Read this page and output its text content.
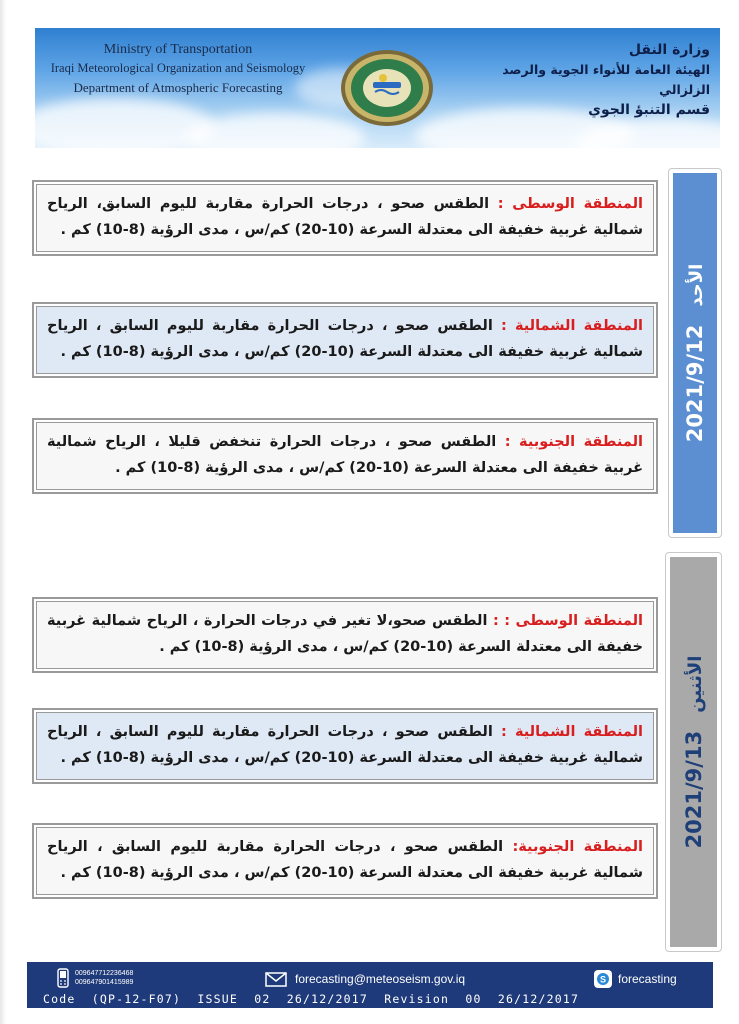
Ministry of Transportation
Iraqi Meteorological Organization and Seismology
Department of Atmospheric Forecasting
وزارة النقل
الهيئة العامة للأنواء الجوية والرصد الزلزالي
قسم التنبؤ الجوي
2021/9/12الأحد
المنطقة الوسطى : الطقس صحو ، درجات الحرارة مقاربة لليوم السابق، الرياح شمالية غربية خفيفة الى معتدلة السرعة (10-20) كم/س ، مدى الرؤية (8-10) كم .
المنطقة الشمالية : الطقس صحو ، درجات الحرارة مقاربة لليوم السابق ، الرياح شمالية غربية خفيفة الى معتدلة السرعة (10-20) كم/س ، مدى الرؤية (8-10) كم .
المنطقة الجنوبية : الطقس صحو ، درجات الحرارة تنخفض قليلا ، الرياح شمالية غربية خفيفة الى معتدلة السرعة (10-20) كم/س ، مدى الرؤية (8-10) كم .
2021/9/13الأثنين
المنطقة الوسطى : : الطقس صحو،لا تغير في درجات الحرارة ، الرياح شمالية غربية خفيفة الى معتدلة السرعة (10-20) كم/س ، مدى الرؤية (8-10) كم .
المنطقة الشمالية : الطقس صحو ، درجات الحرارة مقاربة لليوم السابق ، الرياح شمالية غربية خفيفة الى معتدلة السرعة (10-20) كم/س ، مدى الرؤية (8-10) كم .
المنطقة الجنوبية: الطقس صحو ، درجات الحرارة مقاربة لليوم السابق ، الرياح شمالية غربية خفيفة الى معتدلة السرعة (10-20) كم/س ، مدى الرؤية (8-10) كم .
009647712236468
009647901415989	forecasting@meteoseism.gov.iq	S forecasting
Code  (QP-12-F07)  ISSUE  02  26/12/2017  Revision  00  26/12/2017
